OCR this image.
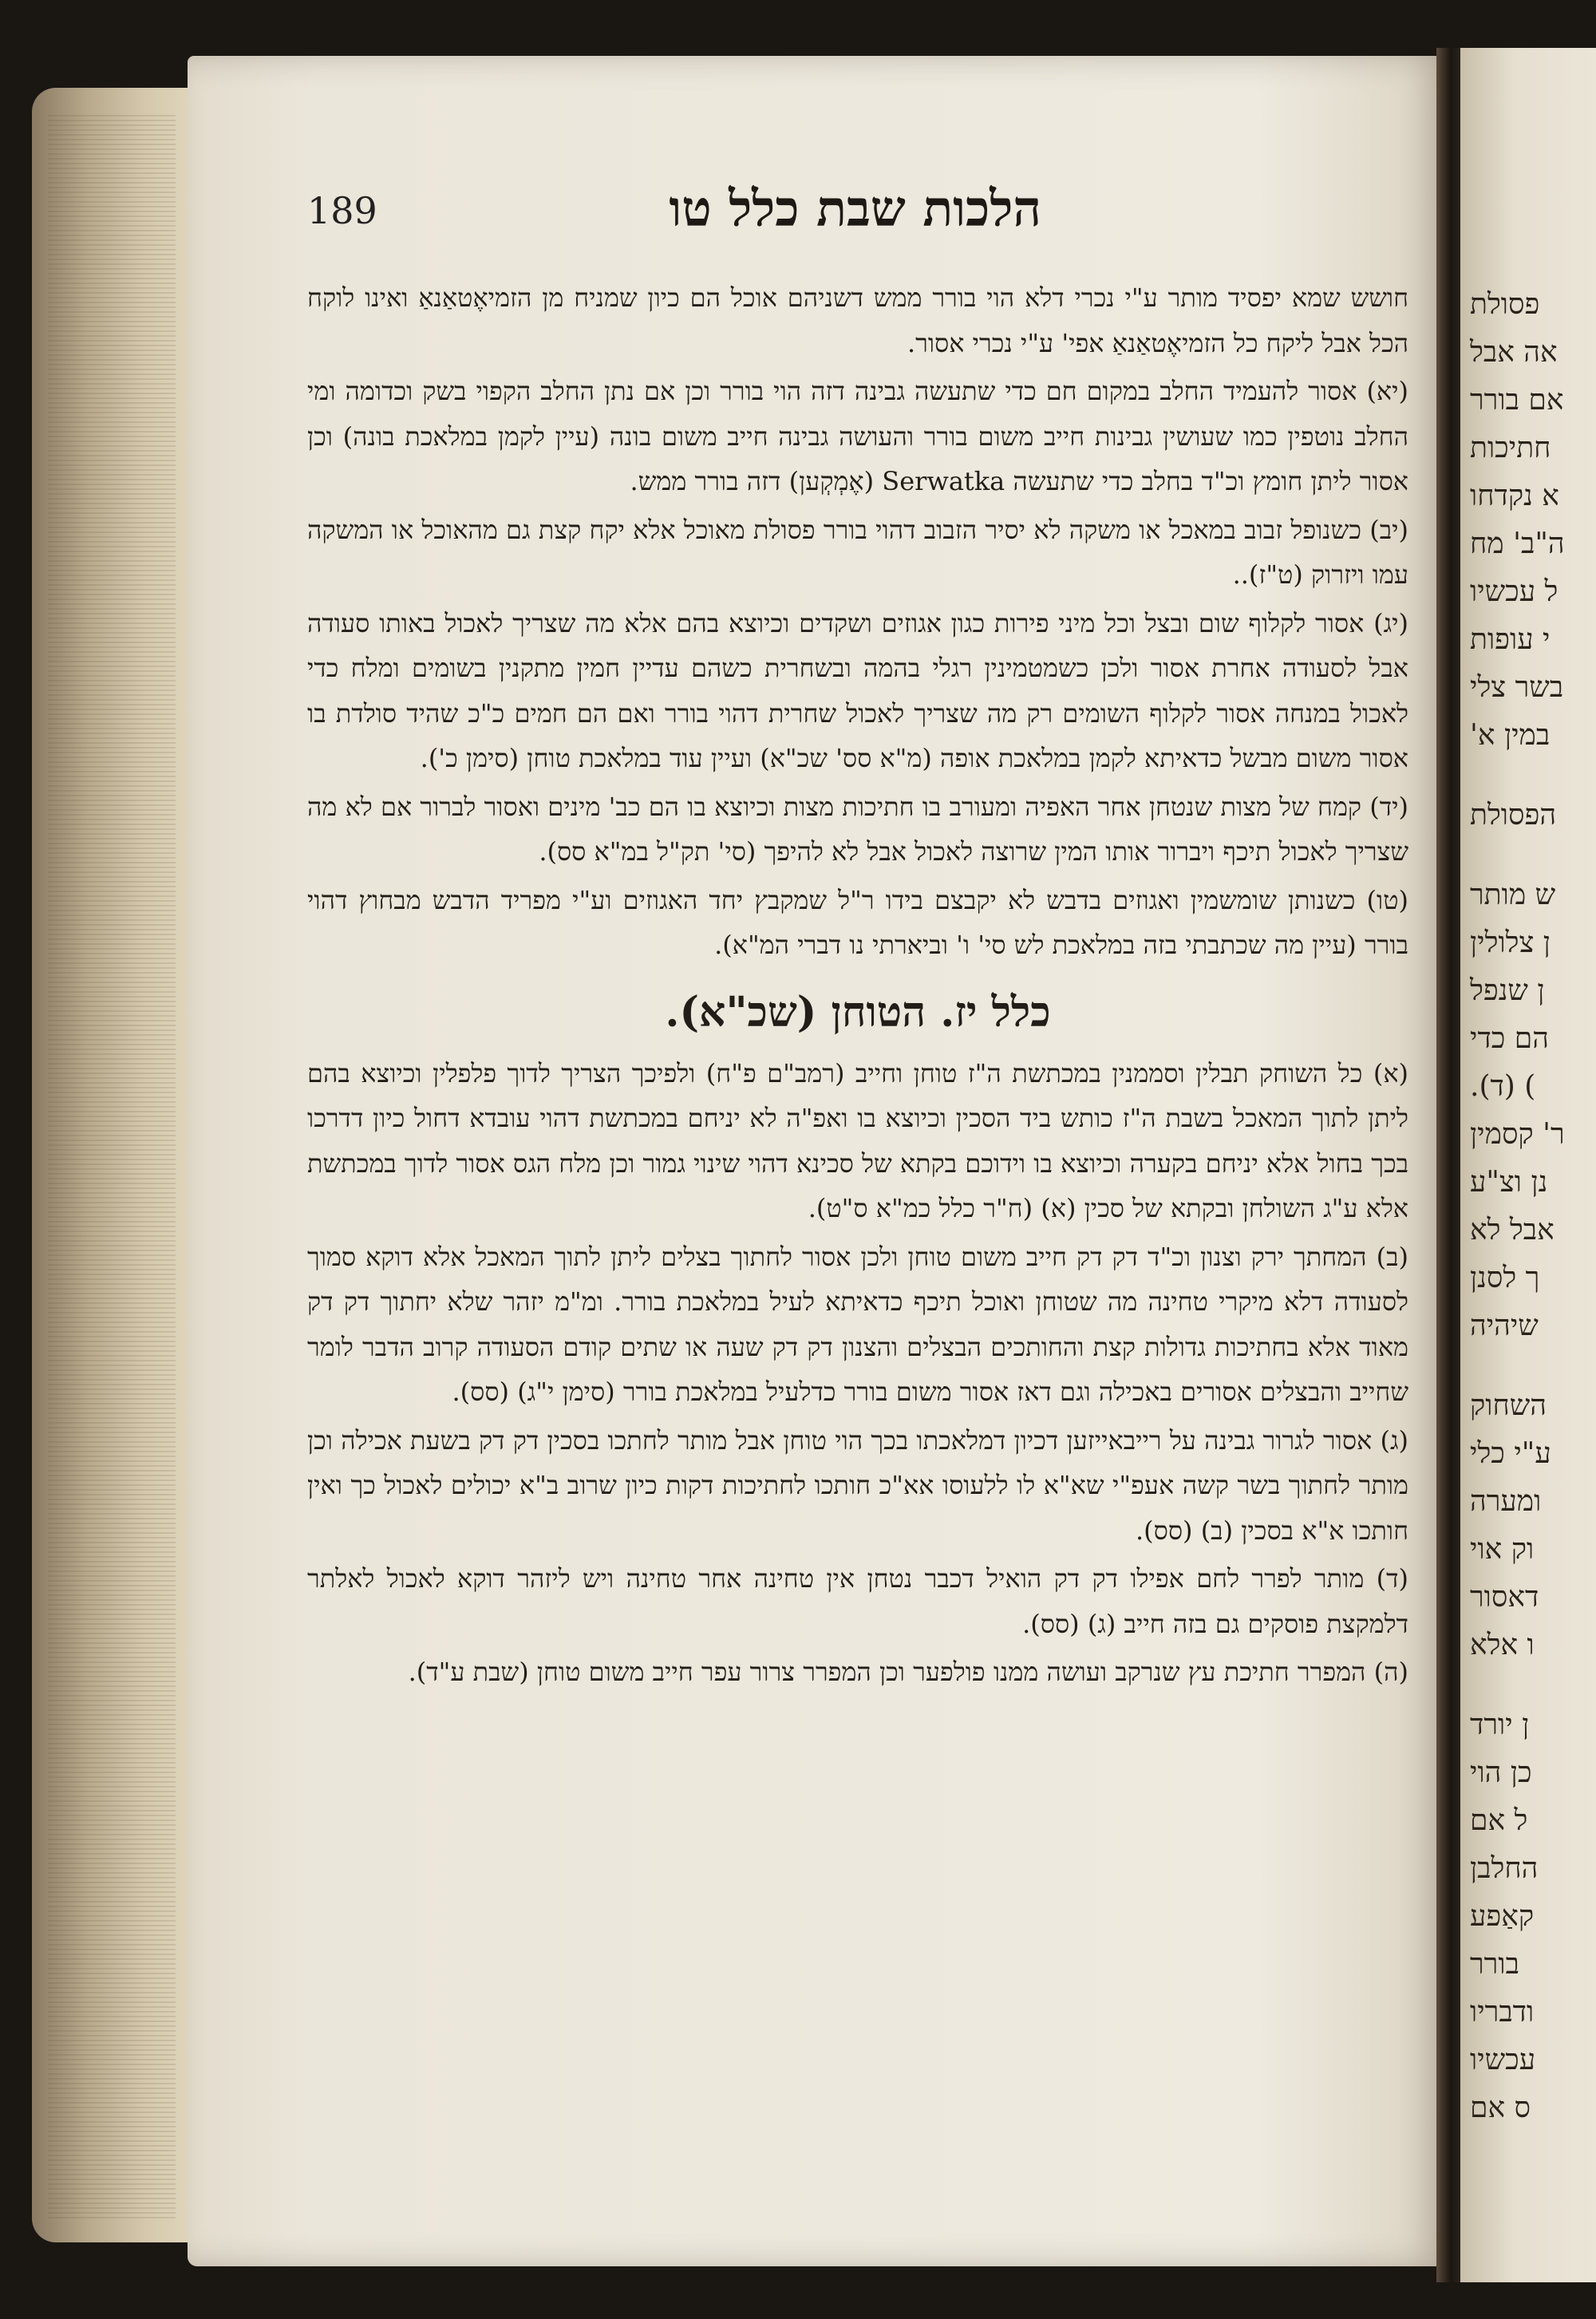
פסולת
אה אבל
אם בורר
חתיכות
א נקדחו
ה"ב' מח
ל עכשיו
י עופות
בשר צלי
במין א'
הפסולת
ש מותר
ן צלולין
ן שנפל
הם כדי
) (ד).
ר' קסמין
נן וצ"ע
אבל לא
ך לסנן
שיהיה
השחוק
ע"י כלי
ומערה
וק אוי
דאסור
ו אלא
ן יורד
כן הוי
ל אם
החלבן
קאַפע
בורר
ודבריו
עכשיו
ס אם
189	הלכות שבת כלל טו

חושש שמא יפסיד מותר ע"י נכרי דלא הוי בורר ממש דשניהם אוכל הם כיון שמניח מן הזמיאֶטאַנאַ ואינו לוקח הכל אבל ליקח כל הזמיאֶטאַנאַ אפי' ע"י נכרי אסור.

(יא) אסור להעמיד החלב במקום חם כדי שתעשה גבינה דזה הוי בורר וכן אם נתן החלב הקפוי בשק וכדומה ומי החלב נוטפין כמו שעושין גבינות חייב משום בורר והעושה גבינה חייב משום בונה (עיין לקמן במלאכת בונה) וכן אסור ליתן חומץ וכ"ד בחלב כדי שתעשה Serwatka (אֶמְקְען) דזה בורר ממש.

(יב) כשנופל זבוב במאכל או משקה לא יסיר הזבוב דהוי בורר פסולת מאוכל אלא יקח קצת גם מהאוכל או המשקה עמו ויזרוק (ט"ז)..

(יג) אסור לקלוף שום ובצל וכל מיני פירות כגון אגוזים ושקדים וכיוצא בהם אלא מה שצריך לאכול באותו סעודה אבל לסעודה אחרת אסור ולכן כשמטמינין רגלי בהמה ובשחרית כשהם עדיין חמין מתקנין בשומים ומלח כדי לאכול במנחה אסור לקלוף השומים רק מה שצריך לאכול שחרית דהוי בורר ואם הם חמים כ"כ שהיד סולדת בו אסור משום מבשל כדאיתא לקמן במלאכת אופה (מ"א סס' שכ"א) ועיין עוד במלאכת טוחן (סימן כ').

(יד) קמח של מצות שנטחן אחר האפיה ומעורב בו חתיכות מצות וכיוצא בו הם כב' מינים ואסור לברור אם לא מה שצריך לאכול תיכף ויברור אותו המין שרוצה לאכול אבל לא להיפך (סי' תק"ל במ"א סס).

(טו) כשנותן שומשמין ואגוזים בדבש לא יקבצם בידו ר"ל שמקבץ יחד האגוזים וע"י מפריד הדבש מבחוץ דהוי בורר (עיין מה שכתבתי בזה במלאכת לש סי' ו' וביארתי נו דברי המ"א).

כלל יז. הטוחן (שכ"א).

(א) כל השוחק תבלין וסממנין במכתשת ה"ז טוחן וחייב (רמב"ם פ"ח) ולפיכך הצריך לדוך פלפלין וכיוצא בהם ליתן לתוך המאכל בשבת ה"ז כותש ביד הסכין וכיוצא בו ואפ"ה לא יניחם במכתשת דהוי עובדא דחול כיון דדרכו בכך בחול אלא יניחם בקערה וכיוצא בו וידוכם בקתא של סכינא דהוי שינוי גמור וכן מלח הגס אסור לדוך במכתשת אלא ע"ג השולחן ובקתא של סכין (א) (ח"ר כלל כמ"א ס"ט).

(ב) המחתך ירק וצנון וכ"ד דק דק חייב משום טוחן ולכן אסור לחתוך בצלים ליתן לתוך המאכל אלא דוקא סמוך לסעודה דלא מיקרי טחינה מה שטוחן ואוכל תיכף כדאיתא לעיל במלאכת בורר. ומ"מ יזהר שלא יחתוך דק דק מאוד אלא בחתיכות גדולות קצת והחותכים הבצלים והצנון דק דק שעה או שתים קודם הסעודה קרוב הדבר לומר שחייב והבצלים אסורים באכילה וגם דאז אסור משום בורר כדלעיל במלאכת בורר (סימן י"ג) (סס).

(ג) אסור לגרור גבינה על רייבאייזען דכיון דמלאכתו בכך הוי טוחן אבל מותר לחתכו בסכין דק דק בשעת אכילה וכן מותר לחתוך בשר קשה אעפ"י שא"א לו ללעוסו אא"כ חותכו לחתיכות דקות כיון שרוב ב"א יכולים לאכול כך ואין חותכו א"א בסכין (ב) (סס).

(ד) מותר לפרר לחם אפילו דק דק הואיל דכבר נטחן אין טחינה אחר טחינה ויש ליזהר דוקא לאכול לאלתר דלמקצת פוסקים גם בזה חייב (ג) (סס).

(ה) המפרר חתיכת עץ שנרקב ועושה ממנו פולפער וכן המפרר צרור עפר חייב משום טוחן (שבת ע"ד).
